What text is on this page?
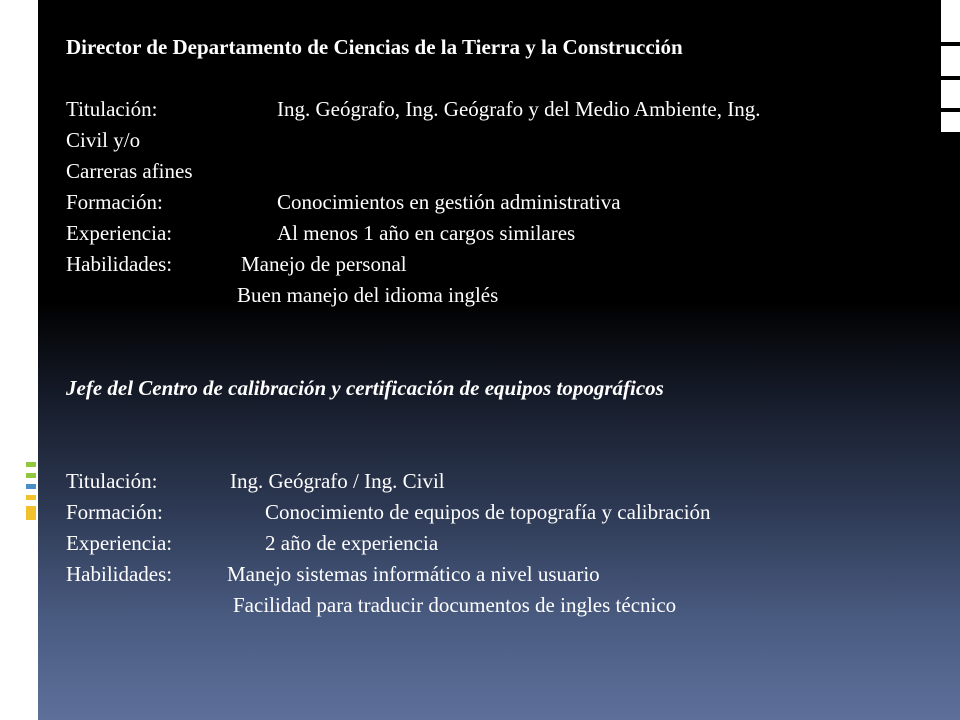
Director de Departamento de Ciencias de la Tierra y la Construcción
Titulación:	Ing. Geógrafo, Ing. Geógrafo y del Medio Ambiente, Ing.
Civil y/o
Carreras afines
Formación:	Conocimientos en gestión administrativa
Experiencia:	Al menos 1 año en cargos similares
Habilidades:	Manejo de personal
Buen manejo del idioma inglés
Jefe del Centro de calibración y certificación de equipos topográficos
Titulación:	Ing. Geógrafo / Ing. Civil
Formación:	Conocimiento de equipos de topografía y calibración
Experiencia:	2 año de experiencia
Habilidades:	Manejo sistemas informático a nivel usuario
Facilidad para traducir documentos de ingles técnico
